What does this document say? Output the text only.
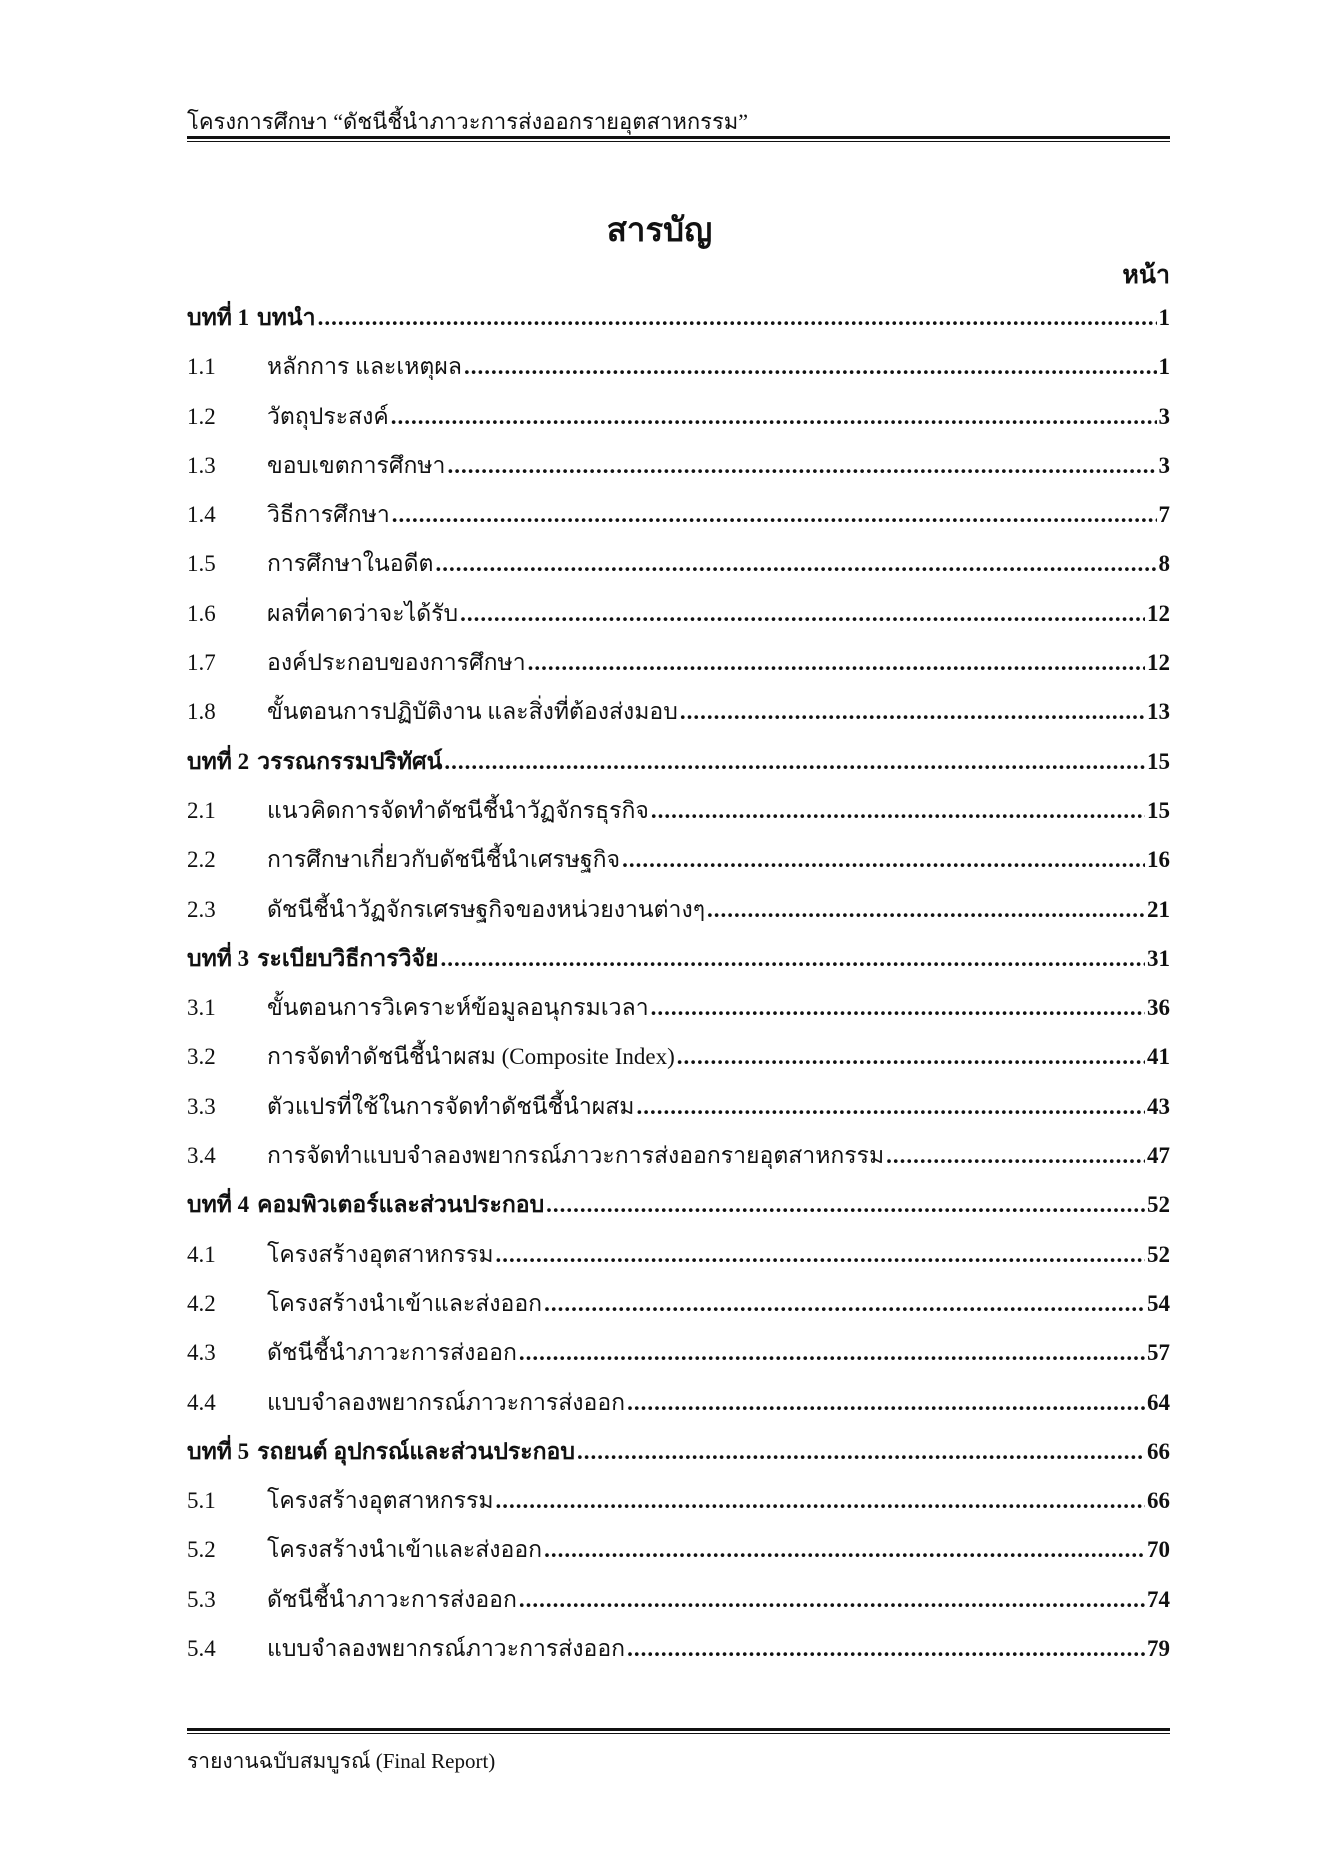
โครงการศึกษา “ดัชนีชี้นำภาวะการส่งออกรายอุตสาหกรรม”
สารบัญ
หน้า
บทที่ 1 บทนำ .....	1
1.1	หลักการ และเหตุผล .....	1
1.2	วัตถุประสงค์ .....	3
1.3	ขอบเขตการศึกษา .....	3
1.4	วิธีการศึกษา .....	7
1.5	การศึกษาในอดีต .....	8
1.6	ผลที่คาดว่าจะได้รับ .....	12
1.7	องค์ประกอบของการศึกษา .....	12
1.8	ขั้นตอนการปฏิบัติงาน และสิ่งที่ต้องส่งมอบ .....	13
บทที่ 2 วรรณกรรมปริทัศน์ .....	15
2.1	แนวคิดการจัดทำดัชนีชี้นำวัฏจักรธุรกิจ .....	15
2.2	การศึกษาเกี่ยวกับดัชนีชี้นำเศรษฐกิจ .....	16
2.3	ดัชนีชี้นำวัฏจักรเศรษฐกิจของหน่วยงานต่างๆ .....	21
บทที่ 3 ระเบียบวิธีการวิจัย .....	31
3.1	ขั้นตอนการวิเคราะห์ข้อมูลอนุกรมเวลา .....	36
3.2	การจัดทำดัชนีชี้นำผสม (Composite Index) .....	41
3.3	ตัวแปรที่ใช้ในการจัดทำดัชนีชี้นำผสม .....	43
3.4	การจัดทำแบบจำลองพยากรณ์ภาวะการส่งออกรายอุตสาหกรรม .....	47
บทที่ 4 คอมพิวเตอร์และส่วนประกอบ .....	52
4.1	โครงสร้างอุตสาหกรรม .....	52
4.2	โครงสร้างนำเข้าและส่งออก .....	54
4.3	ดัชนีชี้นำภาวะการส่งออก .....	57
4.4	แบบจำลองพยากรณ์ภาวะการส่งออก .....	64
บทที่ 5 รถยนต์ อุปกรณ์และส่วนประกอบ .....	66
5.1	โครงสร้างอุตสาหกรรม .....	66
5.2	โครงสร้างนำเข้าและส่งออก .....	70
5.3	ดัชนีชี้นำภาวะการส่งออก .....	74
5.4	แบบจำลองพยากรณ์ภาวะการส่งออก .....	79
รายงานฉบับสมบูรณ์ (Final Report)
